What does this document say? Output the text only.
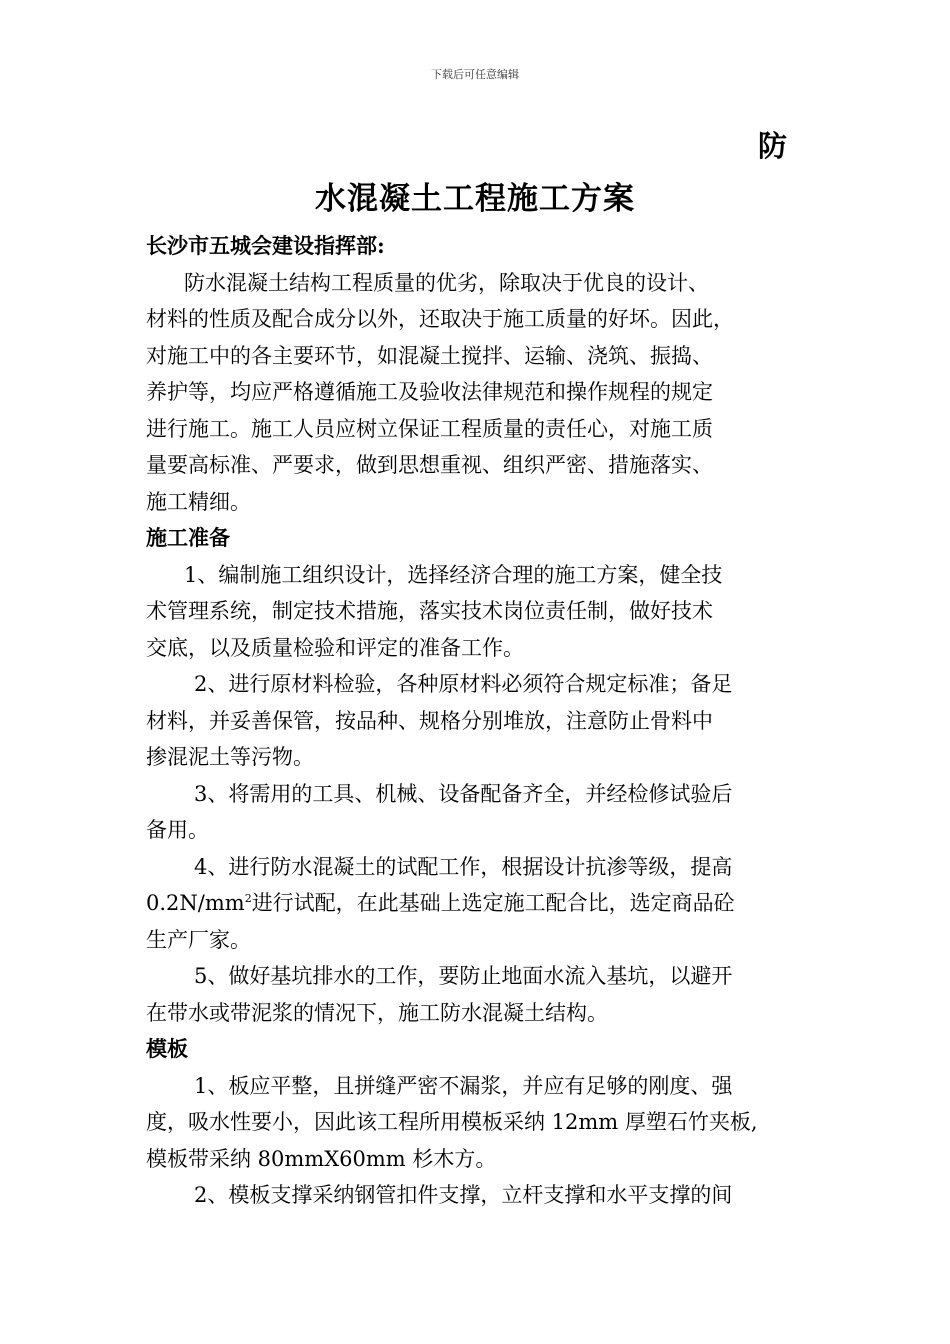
下载后可任意编辑
防
水混凝土工程施工方案
长沙市五城会建设指挥部:
防水混凝土结构工程质量的优劣，除取决于优良的设计、
材料的性质及配合成分以外，还取决于施工质量的好坏。因此，
对施工中的各主要环节，如混凝土搅拌、运输、浇筑、振捣、
养护等，均应严格遵循施工及验收法律规范和操作规程的规定
进行施工。施工人员应树立保证工程质量的责任心，对施工质
量要高标准、严要求，做到思想重视、组织严密、措施落实、
施工精细。
施工准备
1、编制施工组织设计，选择经济合理的施工方案，健全技
术管理系统，制定技术措施，落实技术岗位责任制，做好技术
交底，以及质量检验和评定的准备工作。
2、进行原材料检验，各种原材料必须符合规定标准；备足
材料，并妥善保管，按品种、规格分别堆放，注意防止骨料中
掺混泥土等污物。
3、将需用的工具、机械、设备配备齐全，并经检修试验后
备用。
4、进行防水混凝土的试配工作，根据设计抗渗等级，提高
$0.2N/mm^2$进行试配，在此基础上选定施工配合比，选定商品砼
生产厂家。
5、做好基坑排水的工作，要防止地面水流入基坑，以避开
在带水或带泥浆的情况下，施工防水混凝土结构。
模板
1、板应平整，且拼缝严密不漏浆，并应有足够的刚度、强
度，吸水性要小，因此该工程所用模板采纳 12mm 厚塑石竹夹板,
模板带采纳 80mmX60mm 杉木方。
2、模板支撑采纳钢管扣件支撑，立杆支撑和水平支撑的间
